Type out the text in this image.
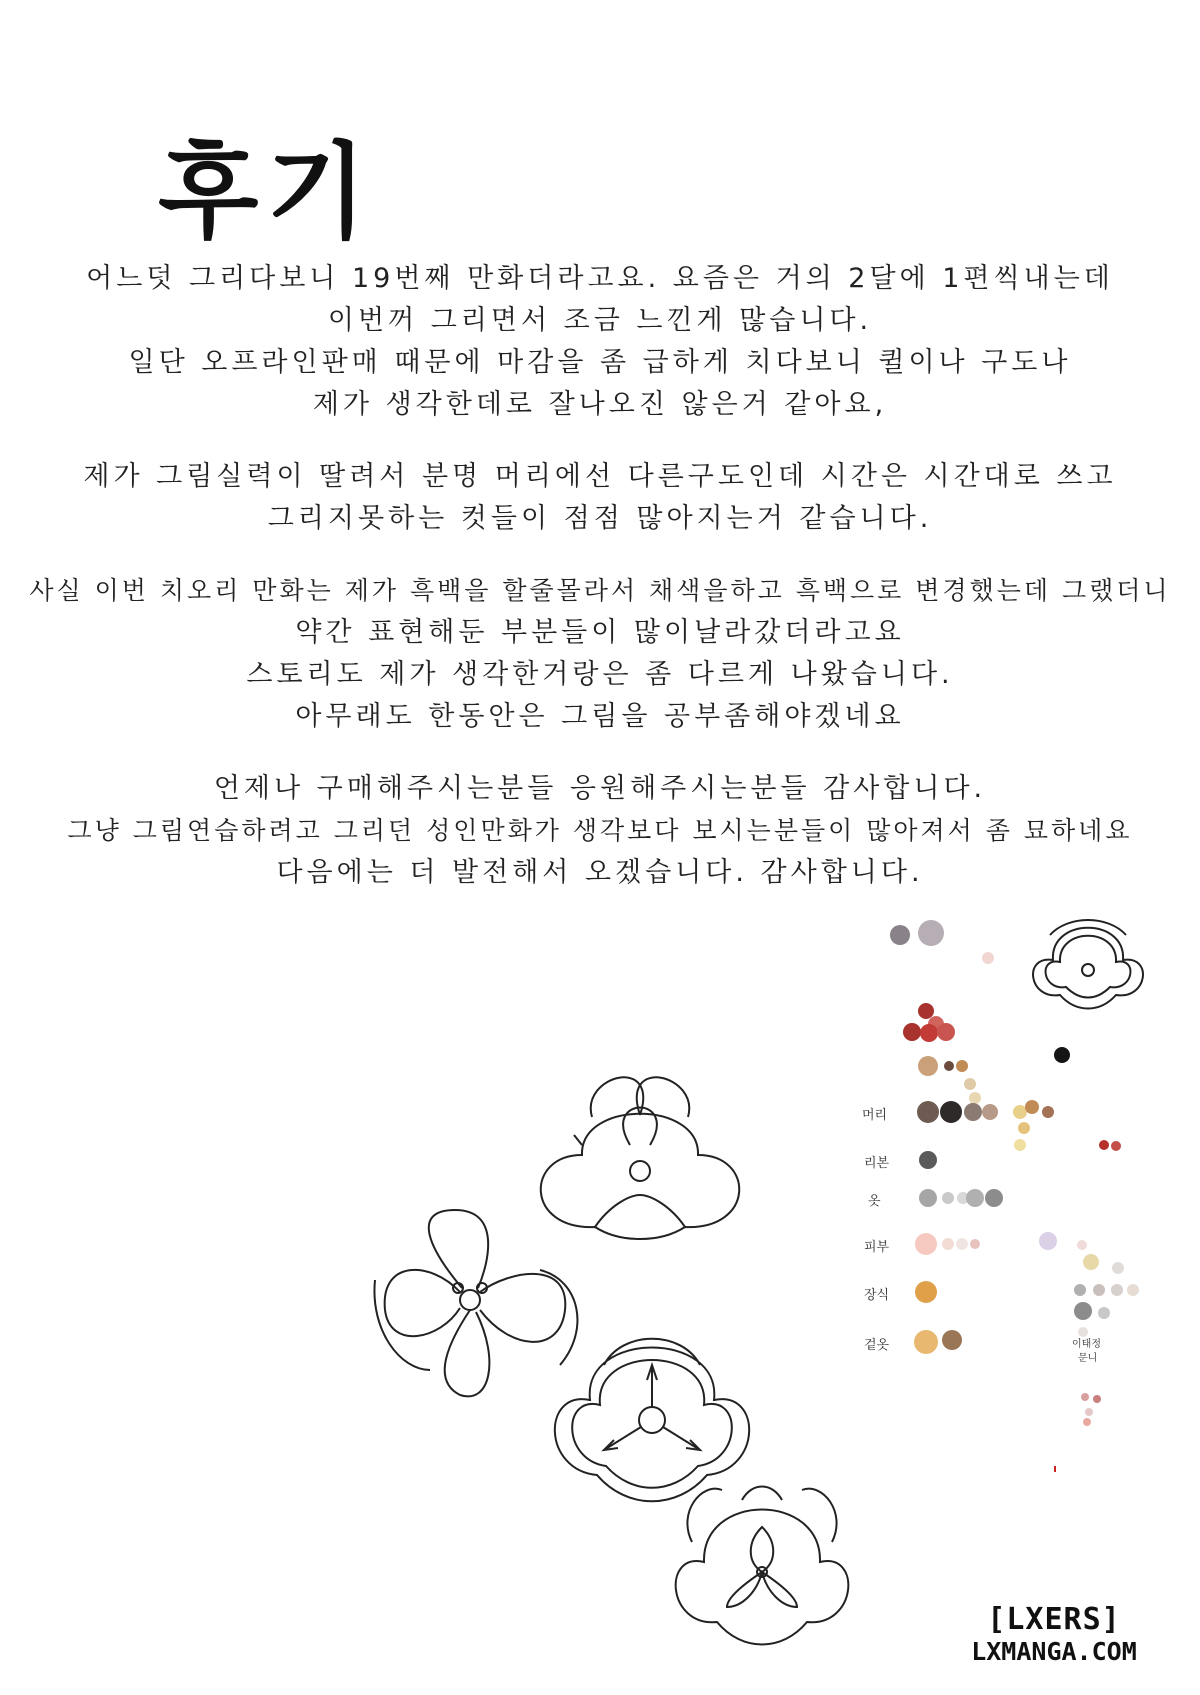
후기
어느덧 그리다보니 19번째 만화더라고요. 요즘은 거의 2달에 1편씩내는데
이번꺼 그리면서 조금 느낀게 많습니다.
일단 오프라인판매 때문에 마감을 좀 급하게 치다보니 퀼이나 구도나
제가 생각한데로 잘나오진 않은거 같아요,
제가 그림실력이 딸려서 분명 머리에선 다른구도인데 시간은 시간대로 쓰고
그리지못하는 컷들이 점점 많아지는거 같습니다.
사실 이번 치오리 만화는 제가 흑백을 할줄몰라서 채색을하고 흑백으로 변경했는데 그랬더니
약간 표현해둔 부분들이 많이날라갔더라고요
스토리도 제가 생각한거랑은 좀 다르게 나왔습니다.
아무래도 한동안은 그림을 공부좀해야겠네요
언제나 구매해주시는분들 응원해주시는분들 감사합니다.
그냥 그림연습하려고 그리던 성인만화가 생각보다 보시는분들이 많아져서 좀 묘하네요
다음에는 더 발전해서 오겠습니다. 감사합니다.
머리
리본
옷
피부
장식
겉옷	이태정
문니
[LXERS]
LXMANGA.COM
